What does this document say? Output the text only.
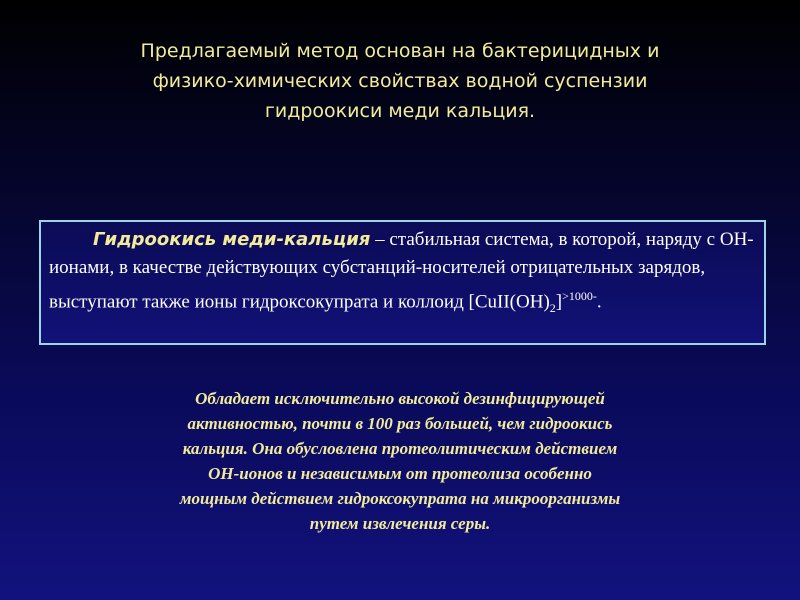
Предлагаемый метод основан на бактерицидных и
физико-химических свойствах водной суспензии
гидроокиси меди кальция.
Гидроокись меди-кальция – стабильная система, в которой, наряду с ОН-ионами, в качестве действующих субстанций-носителей отрицательных зарядов, выступают также ионы гидроксокупрата и коллоид $[CuII(OH)_2]^{>1000-}$.
Обладает исключительно высокой дезинфицирующей
активностью, почти в 100 раз большей, чем гидроокись
кальция. Она обусловлена протеолитическим действием
ОН-ионов и независимым от протеолиза особенно
мощным действием гидроксокупрата на микроорганизмы
путем извлечения серы.
